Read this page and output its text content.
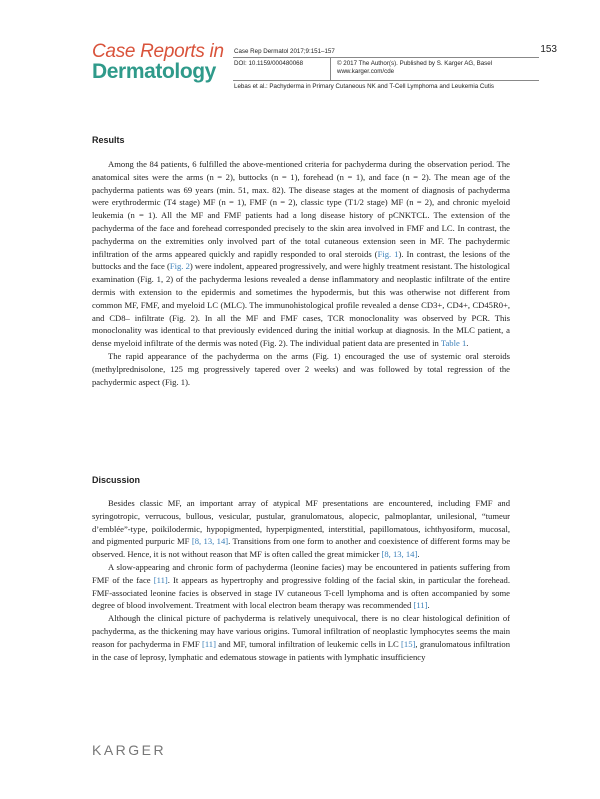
Case Reports in
Dermatology
Case Rep Dermatol 2017;9:151–157
DOI: 10.1159/000480068	© 2017 The Author(s). Published by S. Karger AG, Basel
www.karger.com/cde
Lebas et al.: Pachyderma in Primary Cutaneous NK and T-Cell Lymphoma and Leukemia Cutis
153
Results

Among the 84 patients, 6 fulfilled the above-mentioned criteria for pachyderma during the observation period. The anatomical sites were the arms (n = 2), buttocks (n = 1), forehead (n = 1), and face (n = 2). The mean age of the pachyderma patients was 69 years (min. 51, max. 82). The disease stages at the moment of diagnosis of pachyderma were erythrodermic (T4 stage) MF (n = 1), FMF (n = 2), classic type (T1/2 stage) MF (n = 2), and chronic myeloid leukemia (n = 1). All the MF and FMF patients had a long disease history of pCNKTCL. The extension of the pachyderma of the face and forehead corresponded precisely to the skin area involved in FMF and LC. In contrast, the pachyderma on the extremities only involved part of the total cutaneous extension seen in MF. The pachydermic infiltration of the arms appeared quickly and rapidly responded to oral steroids (Fig. 1). In contrast, the lesions of the buttocks and the face (Fig. 2) were indolent, appeared progressively, and were highly treatment resistant. The histological examination (Fig. 1, 2) of the pachyderma lesions revealed a dense inflammatory and neoplastic infiltrate of the entire dermis with extension to the epidermis and sometimes the hypodermis, but this was otherwise not different from common MF, FMF, and myeloid LC (MLC). The immunohistological profile revealed a dense CD3+, CD4+, CD45R0+, and CD8– infiltrate (Fig. 2). In all the MF and FMF cases, TCR monoclonality was observed by PCR. This monoclonality was identical to that previously evidenced during the initial workup at diagnosis. In the MLC patient, a dense myeloid infiltrate of the dermis was noted (Fig. 2). The individual patient data are presented in Table 1.

The rapid appearance of the pachyderma on the arms (Fig. 1) encouraged the use of systemic oral steroids (methylprednisolone, 125 mg progressively tapered over 2 weeks) and was followed by total regression of the pachydermic aspect (Fig. 1).

Discussion

Besides classic MF, an important array of atypical MF presentations are encountered, including FMF and syringotropic, verrucous, bullous, vesicular, pustular, granulomatous, alopecic, palmoplantar, unilesional, “tumeur d’emblée”-type, poikilodermic, hypopigmented, hyperpigmented, interstitial, papillomatous, ichthyosiform, mucosal, and pigmented purpuric MF [8, 13, 14]. Transitions from one form to another and coexistence of different forms may be observed. Hence, it is not without reason that MF is often called the great mimicker [8, 13, 14].

A slow-appearing and chronic form of pachyderma (leonine facies) may be encountered in patients suffering from FMF of the face [11]. It appears as hypertrophy and progressive folding of the facial skin, in particular the forehead. FMF-associated leonine facies is observed in stage IV cutaneous T-cell lymphoma and is often accompanied by some degree of blood involvement. Treatment with local electron beam therapy was recommended [11].

Although the clinical picture of pachyderma is relatively unequivocal, there is no clear histological definition of pachyderma, as the thickening may have various origins. Tumoral infiltration of neoplastic lymphocytes seems the main reason for pachyderma in FMF [11] and MF, tumoral infiltration of leukemic cells in LC [15], granulomatous infiltration in the case of leprosy, lymphatic and edematous stowage in patients with lymphatic insufficiency

KARGER
